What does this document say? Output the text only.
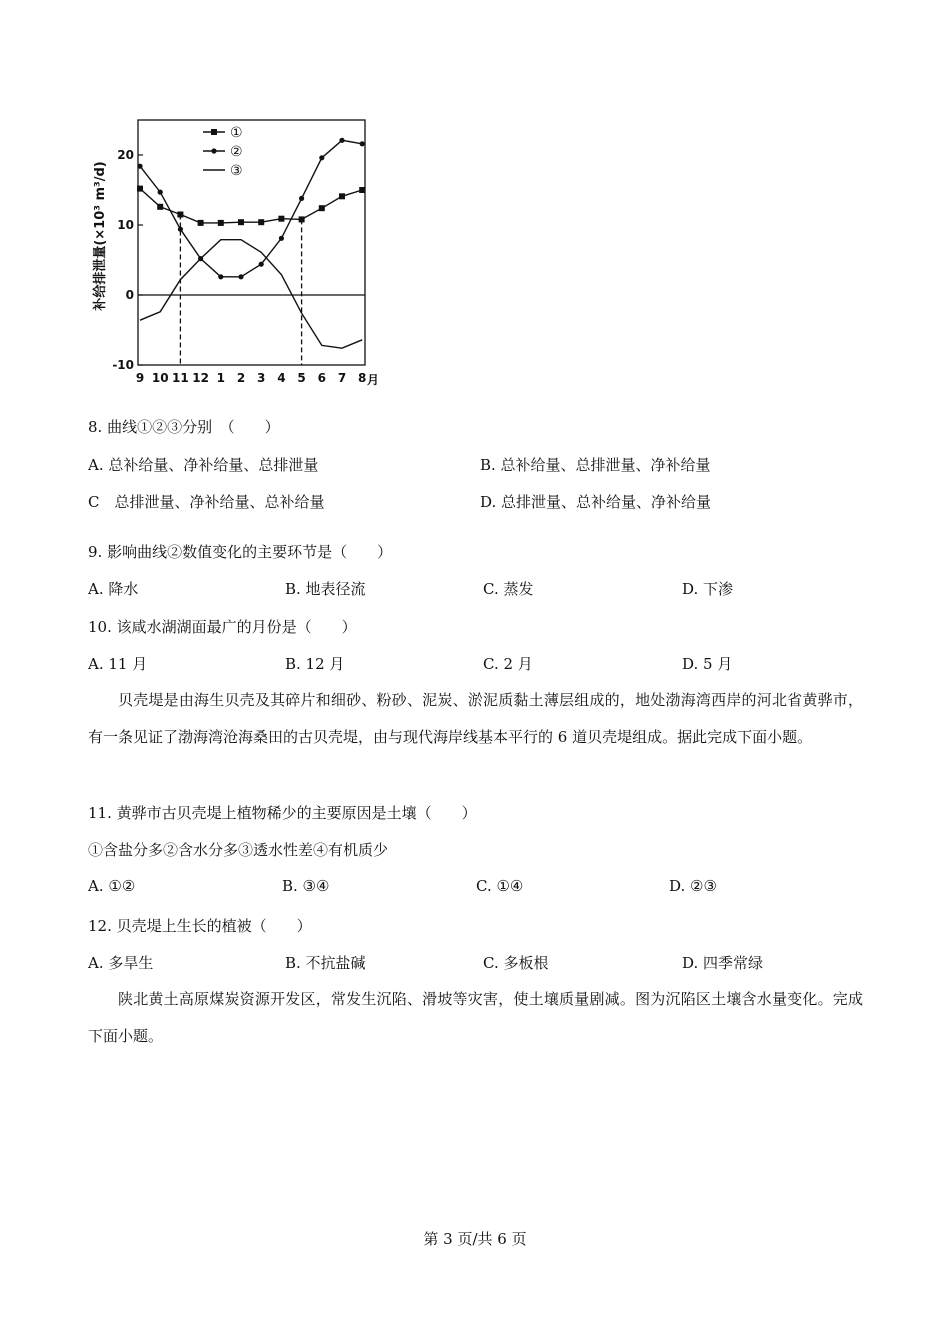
20
10
0
-10
9 10 11 12 1 2 3 4 5 6 7 8 月
①
②
③
补给排泄量(×10³ m³/d)
8. 曲线①②③分别　（　　）
A. 总补给量、净补给量、总排泄量	B. 总补给量、总排泄量、净补给量
C　总排泄量、净补给量、总补给量	D. 总排泄量、总补给量、净补给量
9. 影响曲线②数值变化的主要环节是（　　）
A. 降水	B. 地表径流	C. 蒸发	D. 下渗
10. 该咸水湖湖面最广的月份是（　　）
A. 11 月	B. 12 月	C. 2 月	D. 5 月
贝壳堤是由海生贝壳及其碎片和细砂、粉砂、泥炭、淤泥质黏土薄层组成的，地处渤海湾西岸的河北省黄骅市，有一条见证了渤海湾沧海桑田的古贝壳堤，由与现代海岸线基本平行的 6 道贝壳堤组成。据此完成下面小题。
11. 黄骅市古贝壳堤上植物稀少的主要原因是土壤（　　）
①含盐分多②含水分多③透水性差④有机质少
A. ①②	B. ③④	C. ①④	D. ②③
12. 贝壳堤上生长的植被（　　）
A. 多旱生	B. 不抗盐碱	C. 多板根	D. 四季常绿
陕北黄土高原煤炭资源开发区，常发生沉陷、滑坡等灾害，使土壤质量剧减。图为沉陷区土壤含水量变化。完成下面小题。
第 3 页/共 6 页
